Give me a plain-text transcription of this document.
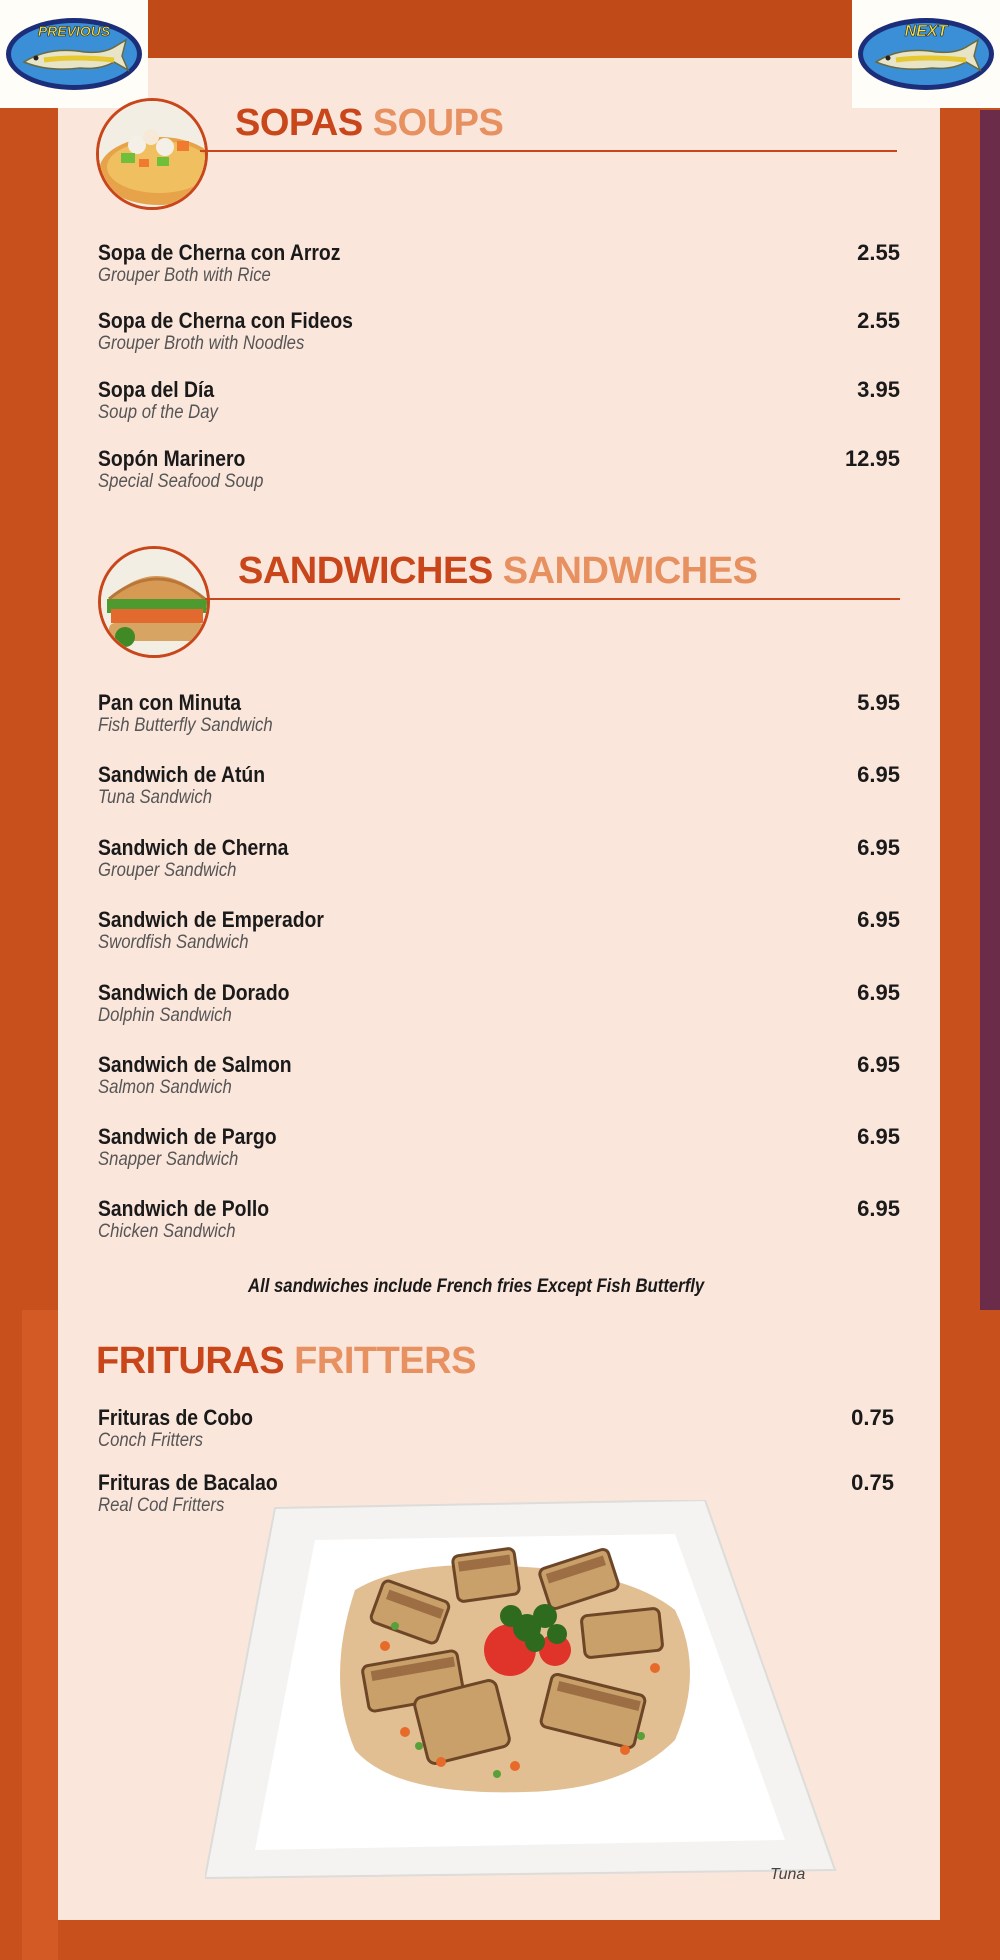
PREVIOUS	NEXT
SOPAS SOUPS
Sopa de Cherna con Arroz
Grouper Both with Rice
2.55
Sopa de Cherna con Fideos
Grouper Broth with Noodles
2.55
Sopa del Día
Soup of the Day
3.95
Sopón Marinero
Special Seafood Soup
12.95
SANDWICHES SANDWICHES
Pan con Minuta
Fish Butterfly Sandwich
5.95
Sandwich de Atún
Tuna Sandwich
6.95
Sandwich de Cherna
Grouper Sandwich
6.95
Sandwich de Emperador
Swordfish Sandwich
6.95
Sandwich de Dorado
Dolphin Sandwich
6.95
Sandwich de Salmon
Salmon Sandwich
6.95
Sandwich de Pargo
Snapper Sandwich
6.95
Sandwich de Pollo
Chicken Sandwich
6.95
All sandwiches include French fries Except Fish Butterfly
FRITURAS FRITTERS
Frituras de Cobo
Conch Fritters
0.75
Frituras de Bacalao
Real Cod Fritters
0.75
Tuna
